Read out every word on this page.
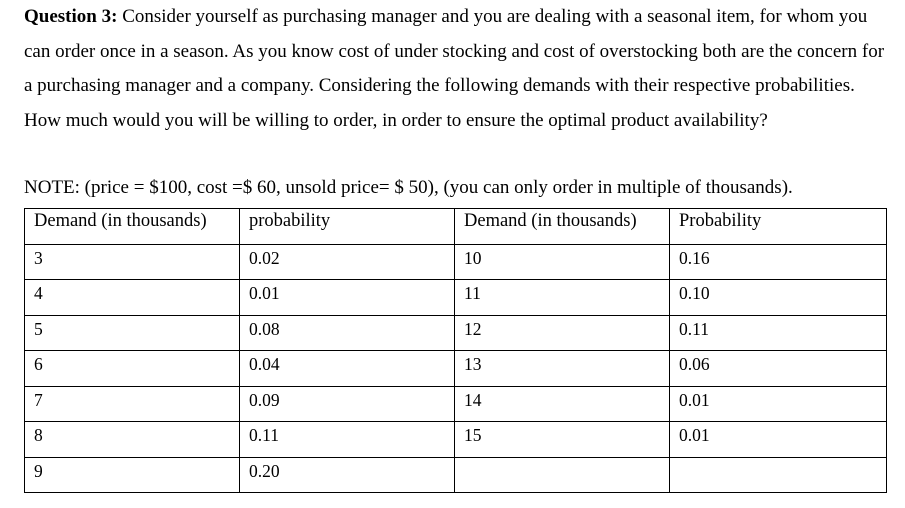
Question 3: Consider yourself as purchasing manager and you are dealing with a seasonal item, for whom you can order once in a season. As you know cost of under stocking and cost of overstocking both are the concern for a purchasing manager and a company. Considering the following demands with their respective probabilities. How much would you will be willing to order, in order to ensure the optimal product availability?

NOTE: (price = $100, cost =$ 60, unsold price= $ 50), (you can only order in multiple of thousands).

Demand (in thousands)	probability	Demand (in thousands)	Probability
3	0.02	10	0.16
4	0.01	11	0.10
5	0.08	12	0.11
6	0.04	13	0.06
7	0.09	14	0.01
8	0.11	15	0.01
9	0.20		
